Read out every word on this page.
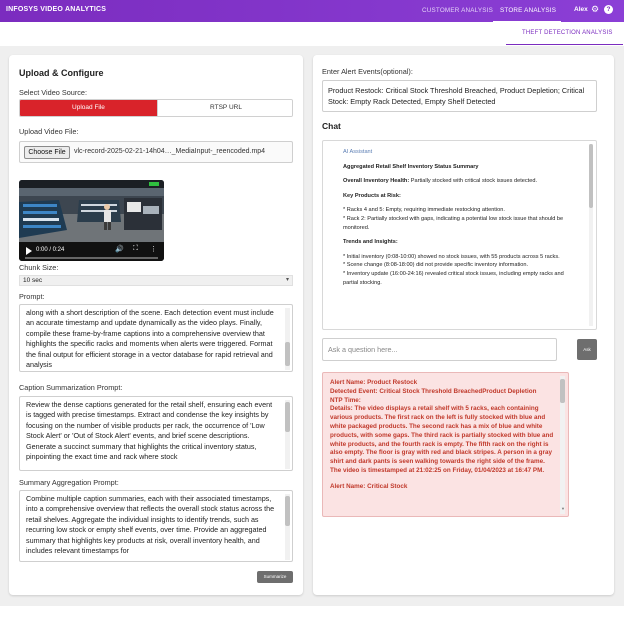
INFOSYS VIDEO ANALYTICS	CUSTOMER ANALYSIS STORE ANALYSIS	Alex ⚙	?
THEFT DETECTION ANALYSIS
Upload & Configure
Select Video Source:
Upload File	RTSP URL
Upload Video File:
Choose File	vlc-record-2025-02-21-14h04…_MediaInput-_reencoded.mp4
0:00 / 0:24	🔊 ⛶ ⋮
Chunk Size:
10 sec	▾
Prompt:
along with a short description of the scene. Each detection event must include an accurate timestamp and update dynamically as the video plays. Finally, compile these frame-by-frame captions into a comprehensive overview that highlights the specific racks and moments when alerts were triggered. Format the final output for efficient storage in a vector database for rapid retrieval and analysis
Caption Summarization Prompt:
Review the dense captions generated for the retail shelf, ensuring each event is tagged with precise timestamps. Extract and condense the key insights by focusing on the number of visible products per rack, the occurrence of 'Low Stock Alert' or 'Out of Stock Alert' events, and brief scene descriptions. Generate a succinct summary that highlights the critical inventory status, pinpointing the exact time and rack where stock
Summary Aggregation Prompt:
Combine multiple caption summaries, each with their associated timestamps, into a comprehensive overview that reflects the overall stock status across the retail shelves. Aggregate the individual insights to identify trends, such as recurring low stock or empty shelf events, over time. Provide an aggregated summary that highlights key products at risk, overall inventory health, and includes relevant timestamps for
Summarize
Enter Alert Events(optional):
Product Restock: Critical Stock Threshold Breached, Product Depletion; Critical Stock: Empty Rack Detected, Empty Shelf Detected
Chat

AI Assistant

Aggregated Retail Shelf Inventory Status Summary

Overall Inventory Health: Partially stocked with critical stock issues detected.

Key Products at Risk:

* Racks 4 and 5: Empty, requiring immediate restocking attention.

* Rack 2: Partially stocked with gaps, indicating a potential low stock issue that should be monitored.

Trends and Insights:

* Initial inventory (0:08-10:00) showed no stock issues, with 55 products across 5 racks.
* Scene change (8:08-18:00) did not provide specific inventory information.
* Inventory update (16:00-24:16) revealed critical stock issues, including empty racks and partial stocking.
Ask a question here...	Ask
Alert Name: Product Restock
Detected Event: Critical Stock Threshold BreachedProduct Depletion
NTP Time:
Details: The video displays a retail shelf with 5 racks, each containing various products. The first rack on the left is fully stocked with blue and white packaged products. The second rack has a mix of blue and white products, with some gaps. The third rack is partially stocked with blue and white products, and the fourth rack is empty. The fifth rack on the right is also empty. The floor is gray with red and black stripes. A person in a gray shirt and dark pants is seen walking towards the right side of the frame. The video is timestamped at 21:02:25 on Friday, 01/04/2023 at 16:47 PM.
Alert Name: Critical Stock
▼
